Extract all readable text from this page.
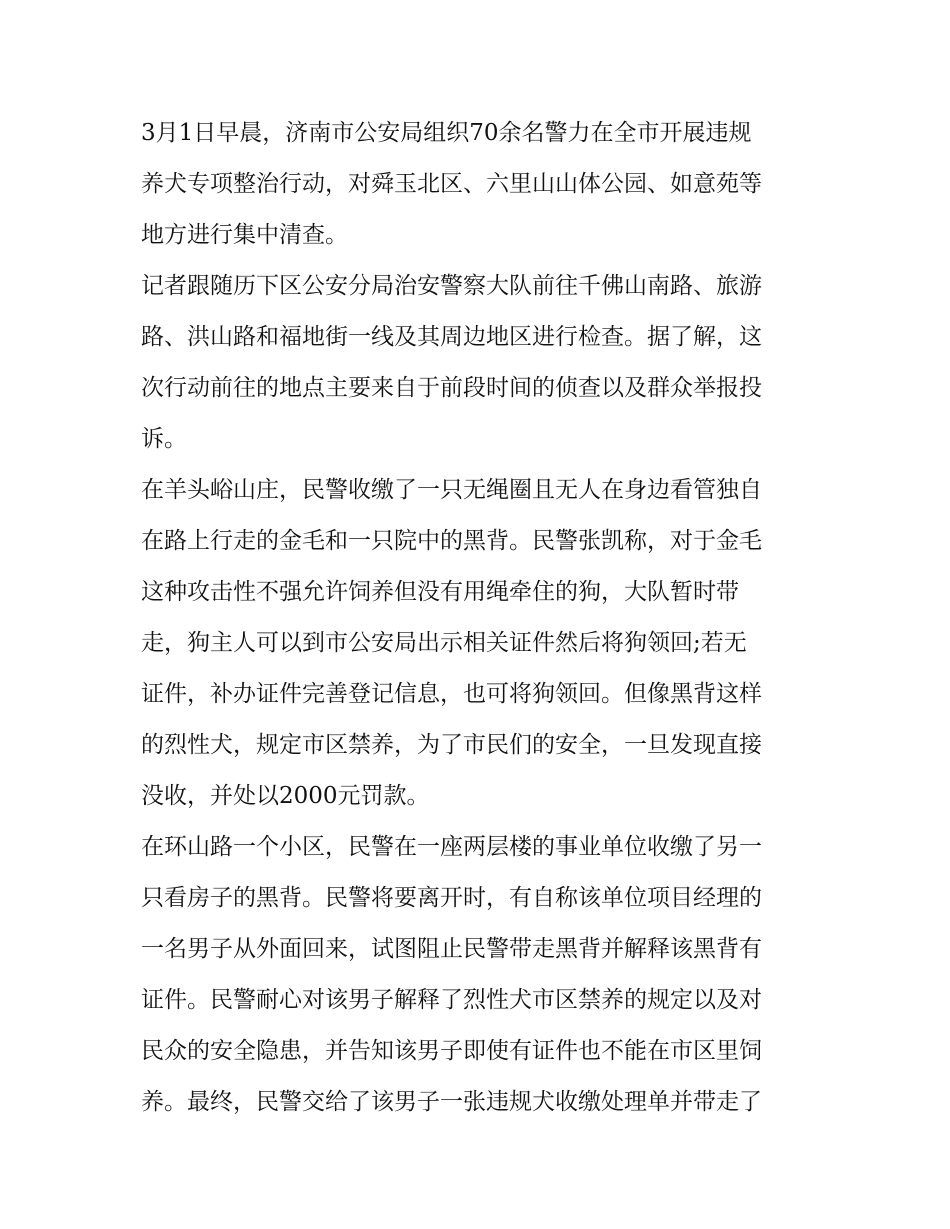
3月1日早晨，济南市公安局组织70余名警力在全市开展违规
养犬专项整治行动，对舜玉北区、六里山山体公园、如意苑等
地方进行集中清查。

记者跟随历下区公安分局治安警察大队前往千佛山南路、旅游
路、洪山路和福地街一线及其周边地区进行检查。据了解，这
次行动前往的地点主要来自于前段时间的侦查以及群众举报投
诉。

在羊头峪山庄，民警收缴了一只无绳圈且无人在身边看管独自
在路上行走的金毛和一只院中的黑背。民警张凯称，对于金毛
这种攻击性不强允许饲养但没有用绳牵住的狗，大队暂时带
走，狗主人可以到市公安局出示相关证件然后将狗领回;若无
证件，补办证件完善登记信息，也可将狗领回。但像黑背这样
的烈性犬，规定市区禁养，为了市民们的安全，一旦发现直接
没收，并处以2000元罚款。

在环山路一个小区，民警在一座两层楼的事业单位收缴了另一
只看房子的黑背。民警将要离开时，有自称该单位项目经理的
一名男子从外面回来，试图阻止民警带走黑背并解释该黑背有
证件。民警耐心对该男子解释了烈性犬市区禁养的规定以及对
民众的安全隐患，并告知该男子即使有证件也不能在市区里饲
养。最终，民警交给了该男子一张违规犬收缴处理单并带走了
